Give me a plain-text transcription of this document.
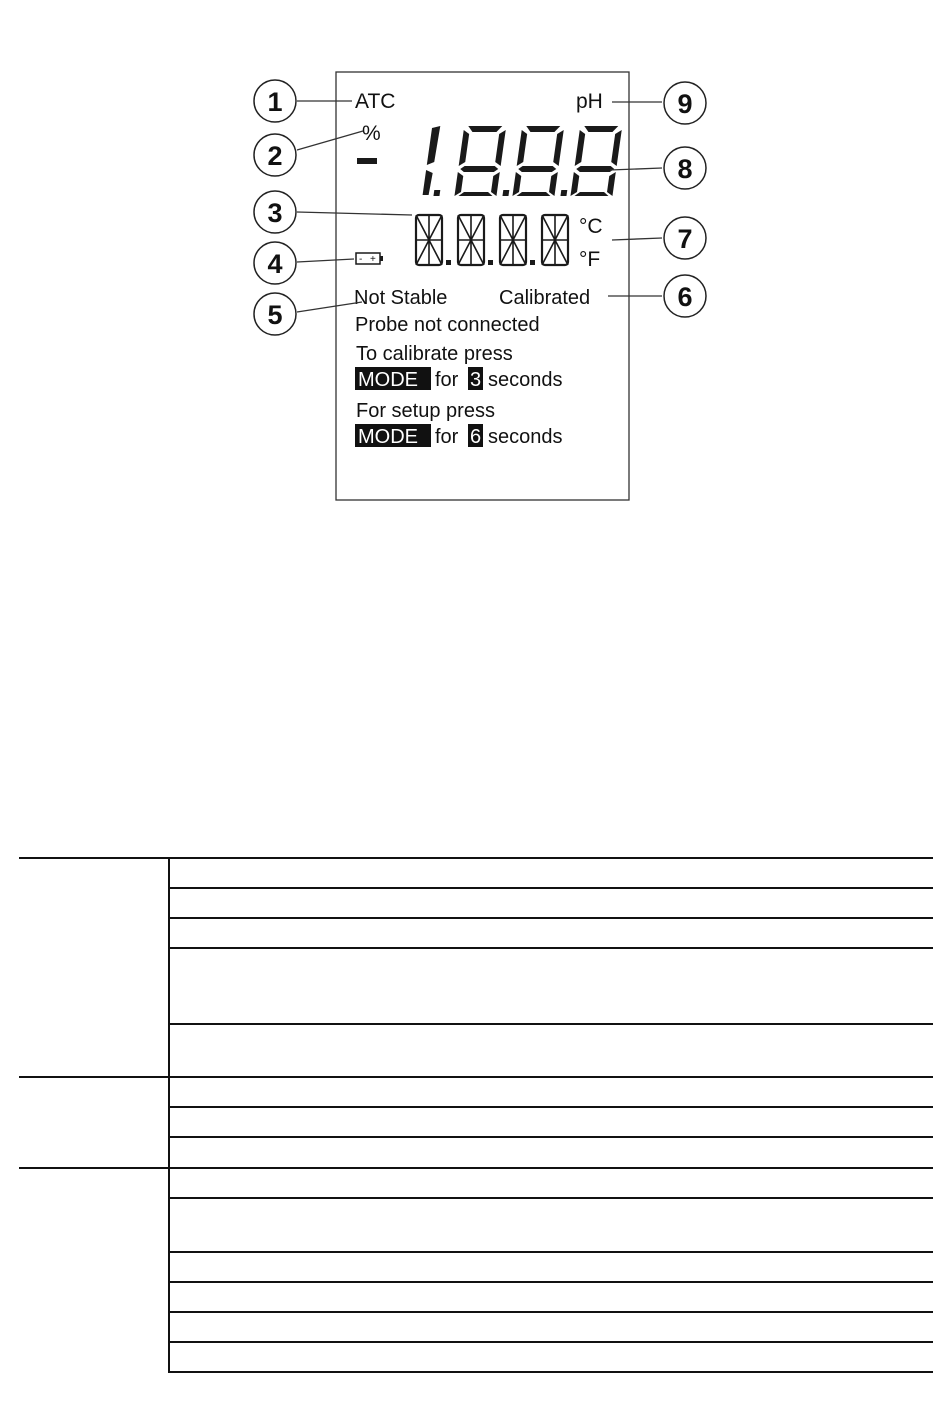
ATC	pH
%
°C
°F
- +
Not Stable	Calibrated
Probe not connected
To calibrate press
MODE for 3 seconds
For setup press
MODE for 6 seconds
1
2
3
4
5
6
7
8
9
